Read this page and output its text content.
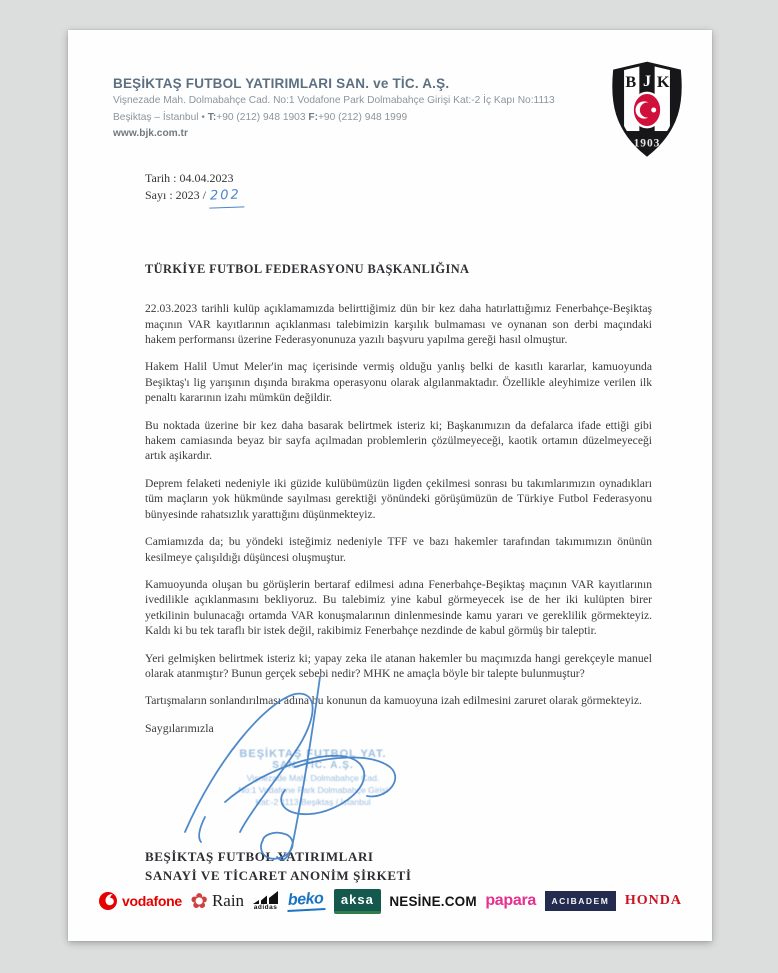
BEŞİKTAŞ FUTBOL YATIRIMLARI SAN. ve TİC. A.Ş.
Vişnezade Mah. Dolmabahçe Cad. No:1 Vodafone Park Dolmabahçe Girişi Kat:-2 İç Kapı No:1113
Beşiktaş – İstanbul • T:+90 (212) 948 1903 F:+90 (212) 948 1999
www.bjk.com.tr
B J K
1903
Tarih : 04.04.2023
Sayı : 2023 / 202
TÜRKİYE FUTBOL FEDERASYONU BAŞKANLIĞINA

22.03.2023 tarihli kulüp açıklamamızda belirttiğimiz dün bir kez daha hatırlattığımız Fenerbahçe-Beşiktaş maçının VAR kayıtlarının açıklanması talebimizin karşılık bulmaması ve oynanan son derbi maçındaki hakem performansı üzerine Federasyonunuza yazılı başvuru yapılma gereği hasıl olmuştur.

Hakem Halil Umut Meler'in maç içerisinde vermiş olduğu yanlış belki de kasıtlı kararlar, kamuoyunda Beşiktaş'ı lig yarışının dışında bırakma operasyonu olarak algılanmaktadır. Özellikle aleyhimize verilen ilk penaltı kararının izahı mümkün değildir.

Bu noktada üzerine bir kez daha basarak belirtmek isteriz ki; Başkanımızın da defalarca ifade ettiği gibi hakem camiasında beyaz bir sayfa açılmadan problemlerin çözülmeyeceği, kaotik ortamın düzelmeyeceği artık aşikardır.

Deprem felaketi nedeniyle iki güzide kulübümüzün ligden çekilmesi sonrası bu takımlarımızın oynadıkları tüm maçların yok hükmünde sayılması gerektiği yönündeki görüşümüzün de Türkiye Futbol Federasyonu bünyesinde rahatsızlık yarattığını düşünmekteyiz.

Camiamızda da; bu yöndeki isteğimiz nedeniyle TFF ve bazı hakemler tarafından takımımızın önünün kesilmeye çalışıldığı düşüncesi oluşmuştur.

Kamuoyunda oluşan bu görüşlerin bertaraf edilmesi adına Fenerbahçe-Beşiktaş maçının VAR kayıtlarının ivedilikle açıklanmasını bekliyoruz. Bu talebimiz yine kabul görmeyecek ise de her iki kulüpten birer yetkilinin bulunacağı ortamda VAR konuşmalarının dinlenmesinde kamu yararı ve gereklilik görmekteyiz. Kaldı ki bu tek taraflı bir istek değil, rakibimiz Fenerbahçe nezdinde de kabul görmüş bir taleptir.

Yeri gelmişken belirtmek isteriz ki; yapay zeka ile atanan hakemler bu maçımızda hangi gerekçeyle manuel olarak atanmıştır? Bunun gerçek sebebi nedir? MHK ne amaçla böyle bir talepte bulunmuştur?

Tartışmaların sonlandırılması adına bu konunun da kamuoyuna izah edilmesini zaruret olarak görmekteyiz.

Saygılarımızla
BEŞİKTAŞ FUTBOL YAT.
SAN. TİC. A.Ş.
Vişnezade Mah. Dolmabahçe Cad.
No:1 Vodafone Park Dolmabahçe Girişi
Kat:-2 1113 Beşiktaş / İstanbul
BEŞİKTAŞ FUTBOL YATIRIMLARI
SANAYİ VE TİCARET ANONİM ŞİRKETİ
vodafone ✿ Rain adidas beko	aksa	NESİNE.COM papara	ACIBADEM	HONDA
